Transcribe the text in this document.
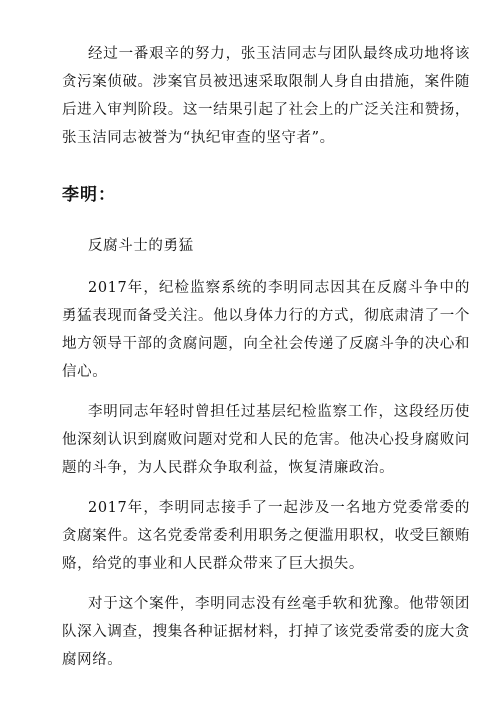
经过一番艰辛的努力，张玉洁同志与团队最终成功地将该贪污案侦破。涉案官员被迅速采取限制人身自由措施，案件随后进入审判阶段。这一结果引起了社会上的广泛关注和赞扬，张玉洁同志被誉为“执纪审查的坚守者”。

李明：

反腐斗士的勇猛

2017年，纪检监察系统的李明同志因其在反腐斗争中的勇猛表现而备受关注。他以身体力行的方式，彻底肃清了一个地方领导干部的贪腐问题，向全社会传递了反腐斗争的决心和信心。

李明同志年轻时曾担任过基层纪检监察工作，这段经历使他深刻认识到腐败问题对党和人民的危害。他决心投身腐败问题的斗争，为人民群众争取利益，恢复清廉政治。

2017年，李明同志接手了一起涉及一名地方党委常委的贪腐案件。这名党委常委利用职务之便滥用职权，收受巨额贿赂，给党的事业和人民群众带来了巨大损失。

对于这个案件，李明同志没有丝毫手软和犹豫。他带领团队深入调查，搜集各种证据材料，打掉了该党委常委的庞大贪腐网络。
